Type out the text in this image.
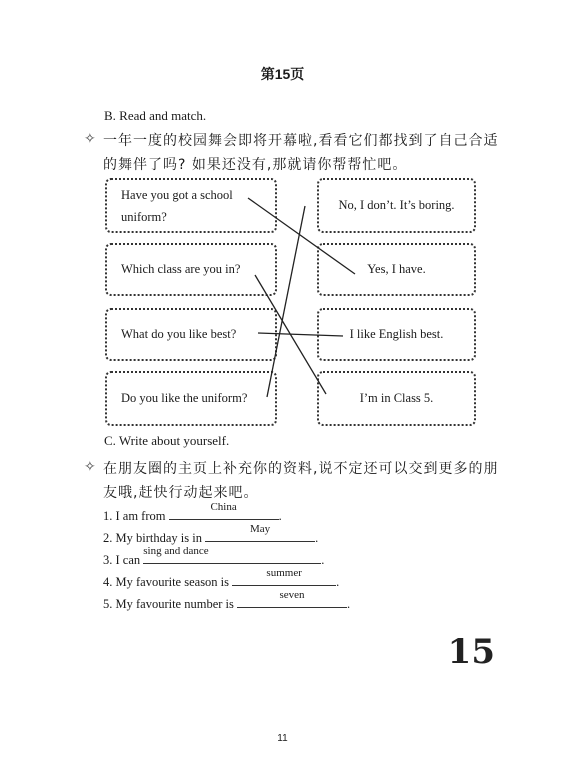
第15页
B. Read and match.
✧ 一年一度的校园舞会即将开幕啦,看看它们都找到了自己合适
的舞伴了吗? 如果还没有,那就请你帮帮忙吧。
Have you got a school
uniform?
Which class are you in?
What do you like best?
Do you like the uniform?
No, I don’t. It’s boring.
Yes, I have.
I like English best.
I’m in Class 5.
C. Write about yourself.
✧ 在朋友圈的主页上补充你的资料,说不定还可以交到更多的朋
友哦,赶快行动起来吧。
1. I am from
China
.
2. My birthday is in
May
.
3. I can
sing and dance
.
4. My favourite season is
summer
.
5. My favourite number is
seven
.
15
11
